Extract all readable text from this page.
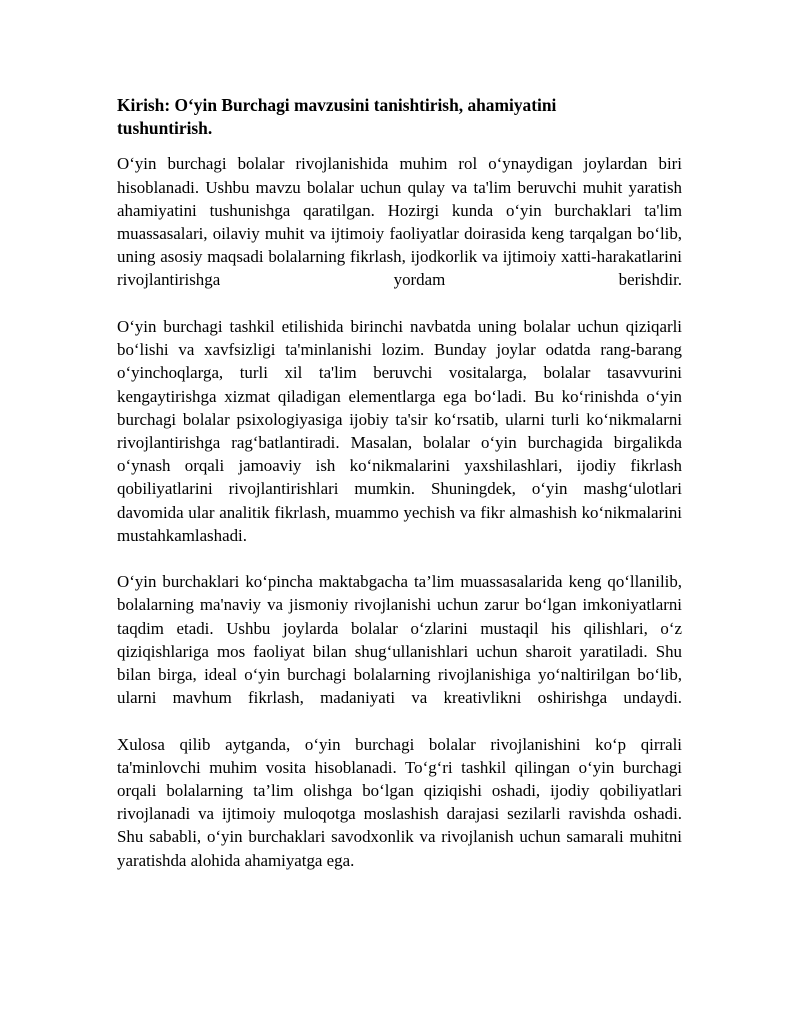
Kirish: O‘yin Burchagi mavzusini tanishtirish, ahamiyatini tushuntirish.

O‘yin burchagi bolalar rivojlanishida muhim rol o‘ynaydigan joylardan biri hisoblanadi. Ushbu mavzu bolalar uchun qulay va ta'lim beruvchi muhit yaratish ahamiyatini tushunishga qaratilgan. Hozirgi kunda o‘yin burchaklari ta'lim muassasalari, oilaviy muhit va ijtimoiy faoliyatlar doirasida keng tarqalgan bo‘lib, uning asosiy maqsadi bolalarning fikrlash, ijodkorlik va ijtimoiy xatti-harakatlarini rivojlantirishga yordam berishdir.

O‘yin burchagi tashkil etilishida birinchi navbatda uning bolalar uchun qiziqarli bo‘lishi va xavfsizligi ta'minlanishi lozim. Bunday joylar odatda rang-barang o‘yinchoqlarga, turli xil ta'lim beruvchi vositalarga, bolalar tasavvurini kengaytirishga xizmat qiladigan elementlarga ega bo‘ladi. Bu ko‘rinishda o‘yin burchagi bolalar psixologiyasiga ijobiy ta'sir ko‘rsatib, ularni turli ko‘nikmalarni rivojlantirishga rag‘batlantiradi. Masalan, bolalar o‘yin burchagida birgalikda o‘ynash orqali jamoaviy ish ko‘nikmalarini yaxshilashlari, ijodiy fikrlash qobiliyatlarini rivojlantirishlari mumkin. Shuningdek, o‘yin mashg‘ulotlari davomida ular analitik fikrlash, muammo yechish va fikr almashish ko‘nikmalarini mustahkamlashadi.

O‘yin burchaklari ko‘pincha maktabgacha ta’lim muassasalarida keng qo‘llanilib, bolalarning ma'naviy va jismoniy rivojlanishi uchun zarur bo‘lgan imkoniyatlarni taqdim etadi. Ushbu joylarda bolalar o‘zlarini mustaqil his qilishlari, o‘z qiziqishlariga mos faoliyat bilan shug‘ullanishlari uchun sharoit yaratiladi. Shu bilan birga, ideal o‘yin burchagi bolalarning rivojlanishiga yo‘naltirilgan bo‘lib, ularni mavhum fikrlash, madaniyati va kreativlikni oshirishga undaydi.

Xulosa qilib aytganda, o‘yin burchagi bolalar rivojlanishini ko‘p qirrali ta'minlovchi muhim vosita hisoblanadi. To‘g‘ri tashkil qilingan o‘yin burchagi orqali bolalarning ta’lim olishga bo‘lgan qiziqishi oshadi, ijodiy qobiliyatlari rivojlanadi va ijtimoiy muloqotga moslashish darajasi sezilarli ravishda oshadi. Shu sababli, o‘yin burchaklari savodxonlik va rivojlanish uchun samarali muhitni yaratishda alohida ahamiyatga ega.
